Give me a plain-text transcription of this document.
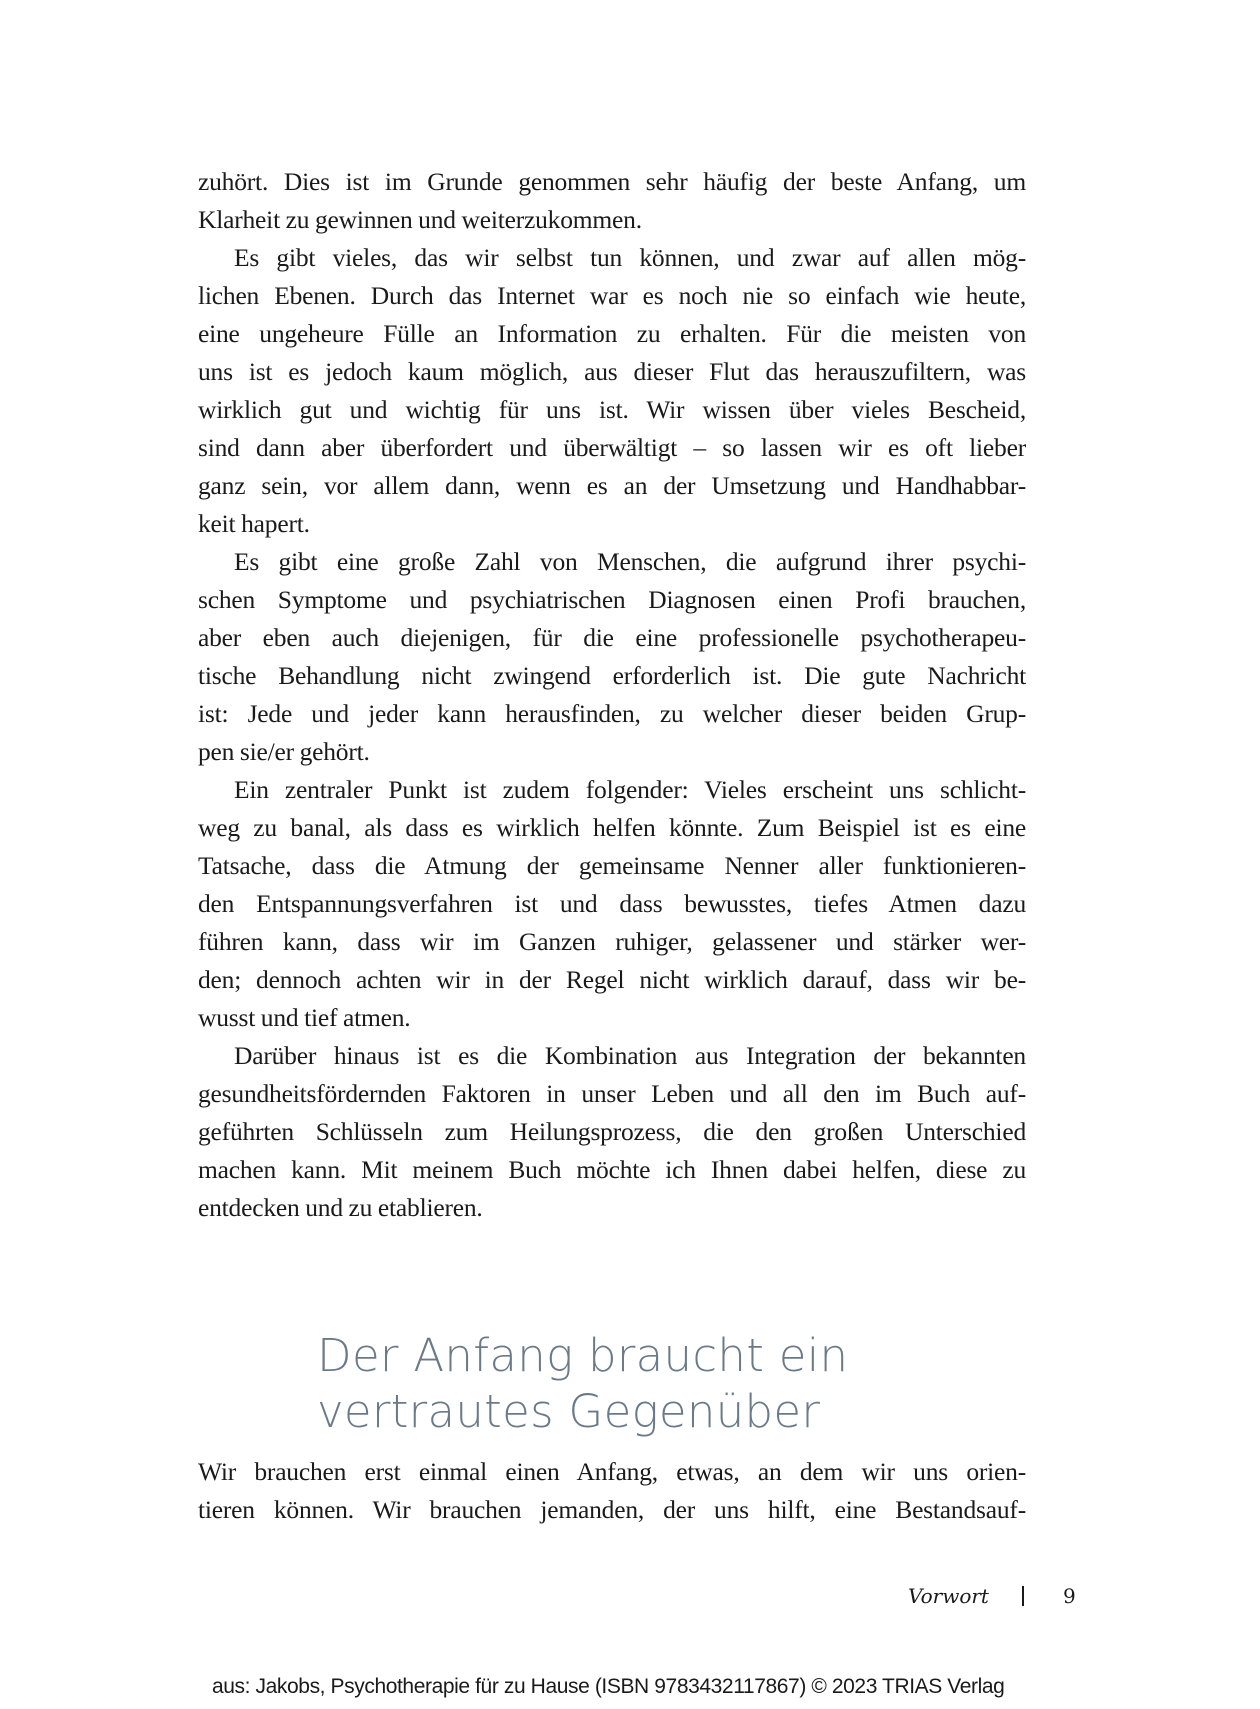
zuhört. Dies ist im Grunde genommen sehr häufig der beste Anfang, um
Klarheit zu gewinnen und weiterzukommen.

Es gibt vieles, das wir selbst tun können, und zwar auf allen mög-
lichen Ebenen. Durch das Internet war es noch nie so einfach wie heute,
eine ungeheure Fülle an Information zu erhalten. Für die meisten von
uns ist es jedoch kaum möglich, aus dieser Flut das herauszufiltern, was
wirklich gut und wichtig für uns ist. Wir wissen über vieles Bescheid,
sind dann aber überfordert und überwältigt – so lassen wir es oft lieber
ganz sein, vor allem dann, wenn es an der Umsetzung und Handhabbar-
keit hapert.

Es gibt eine große Zahl von Menschen, die aufgrund ihrer psychi-
schen Symptome und psychiatrischen Diagnosen einen Profi brauchen,
aber eben auch diejenigen, für die eine professionelle psychotherapeu-
tische Behandlung nicht zwingend erforderlich ist. Die gute Nachricht
ist: Jede und jeder kann herausfinden, zu welcher dieser beiden Grup-
pen sie/er gehört.

Ein zentraler Punkt ist zudem folgender: Vieles erscheint uns schlicht-
weg zu banal, als dass es wirklich helfen könnte. Zum Beispiel ist es eine
Tatsache, dass die Atmung der gemeinsame Nenner aller funktionieren-
den Entspannungsverfahren ist und dass bewusstes, tiefes Atmen dazu
führen kann, dass wir im Ganzen ruhiger, gelassener und stärker wer-
den; dennoch achten wir in der Regel nicht wirklich darauf, dass wir be-
wusst und tief atmen.

Darüber hinaus ist es die Kombination aus Integration der bekannten
gesundheitsfördernden Faktoren in unser Leben und all den im Buch auf-
geführten Schlüsseln zum Heilungsprozess, die den großen Unterschied
machen kann. Mit meinem Buch möchte ich Ihnen dabei helfen, diese zu
entdecken und zu etablieren.

Der Anfang braucht ein
vertrautes Gegenüber
Wir brauchen erst einmal einen Anfang, etwas, an dem wir uns orien-
tieren können. Wir brauchen jemanden, der uns hilft, eine Bestandsauf-
Vorwort	9
aus: Jakobs, Psychotherapie für zu Hause (ISBN 9783432117867) © 2023 TRIAS Verlag
